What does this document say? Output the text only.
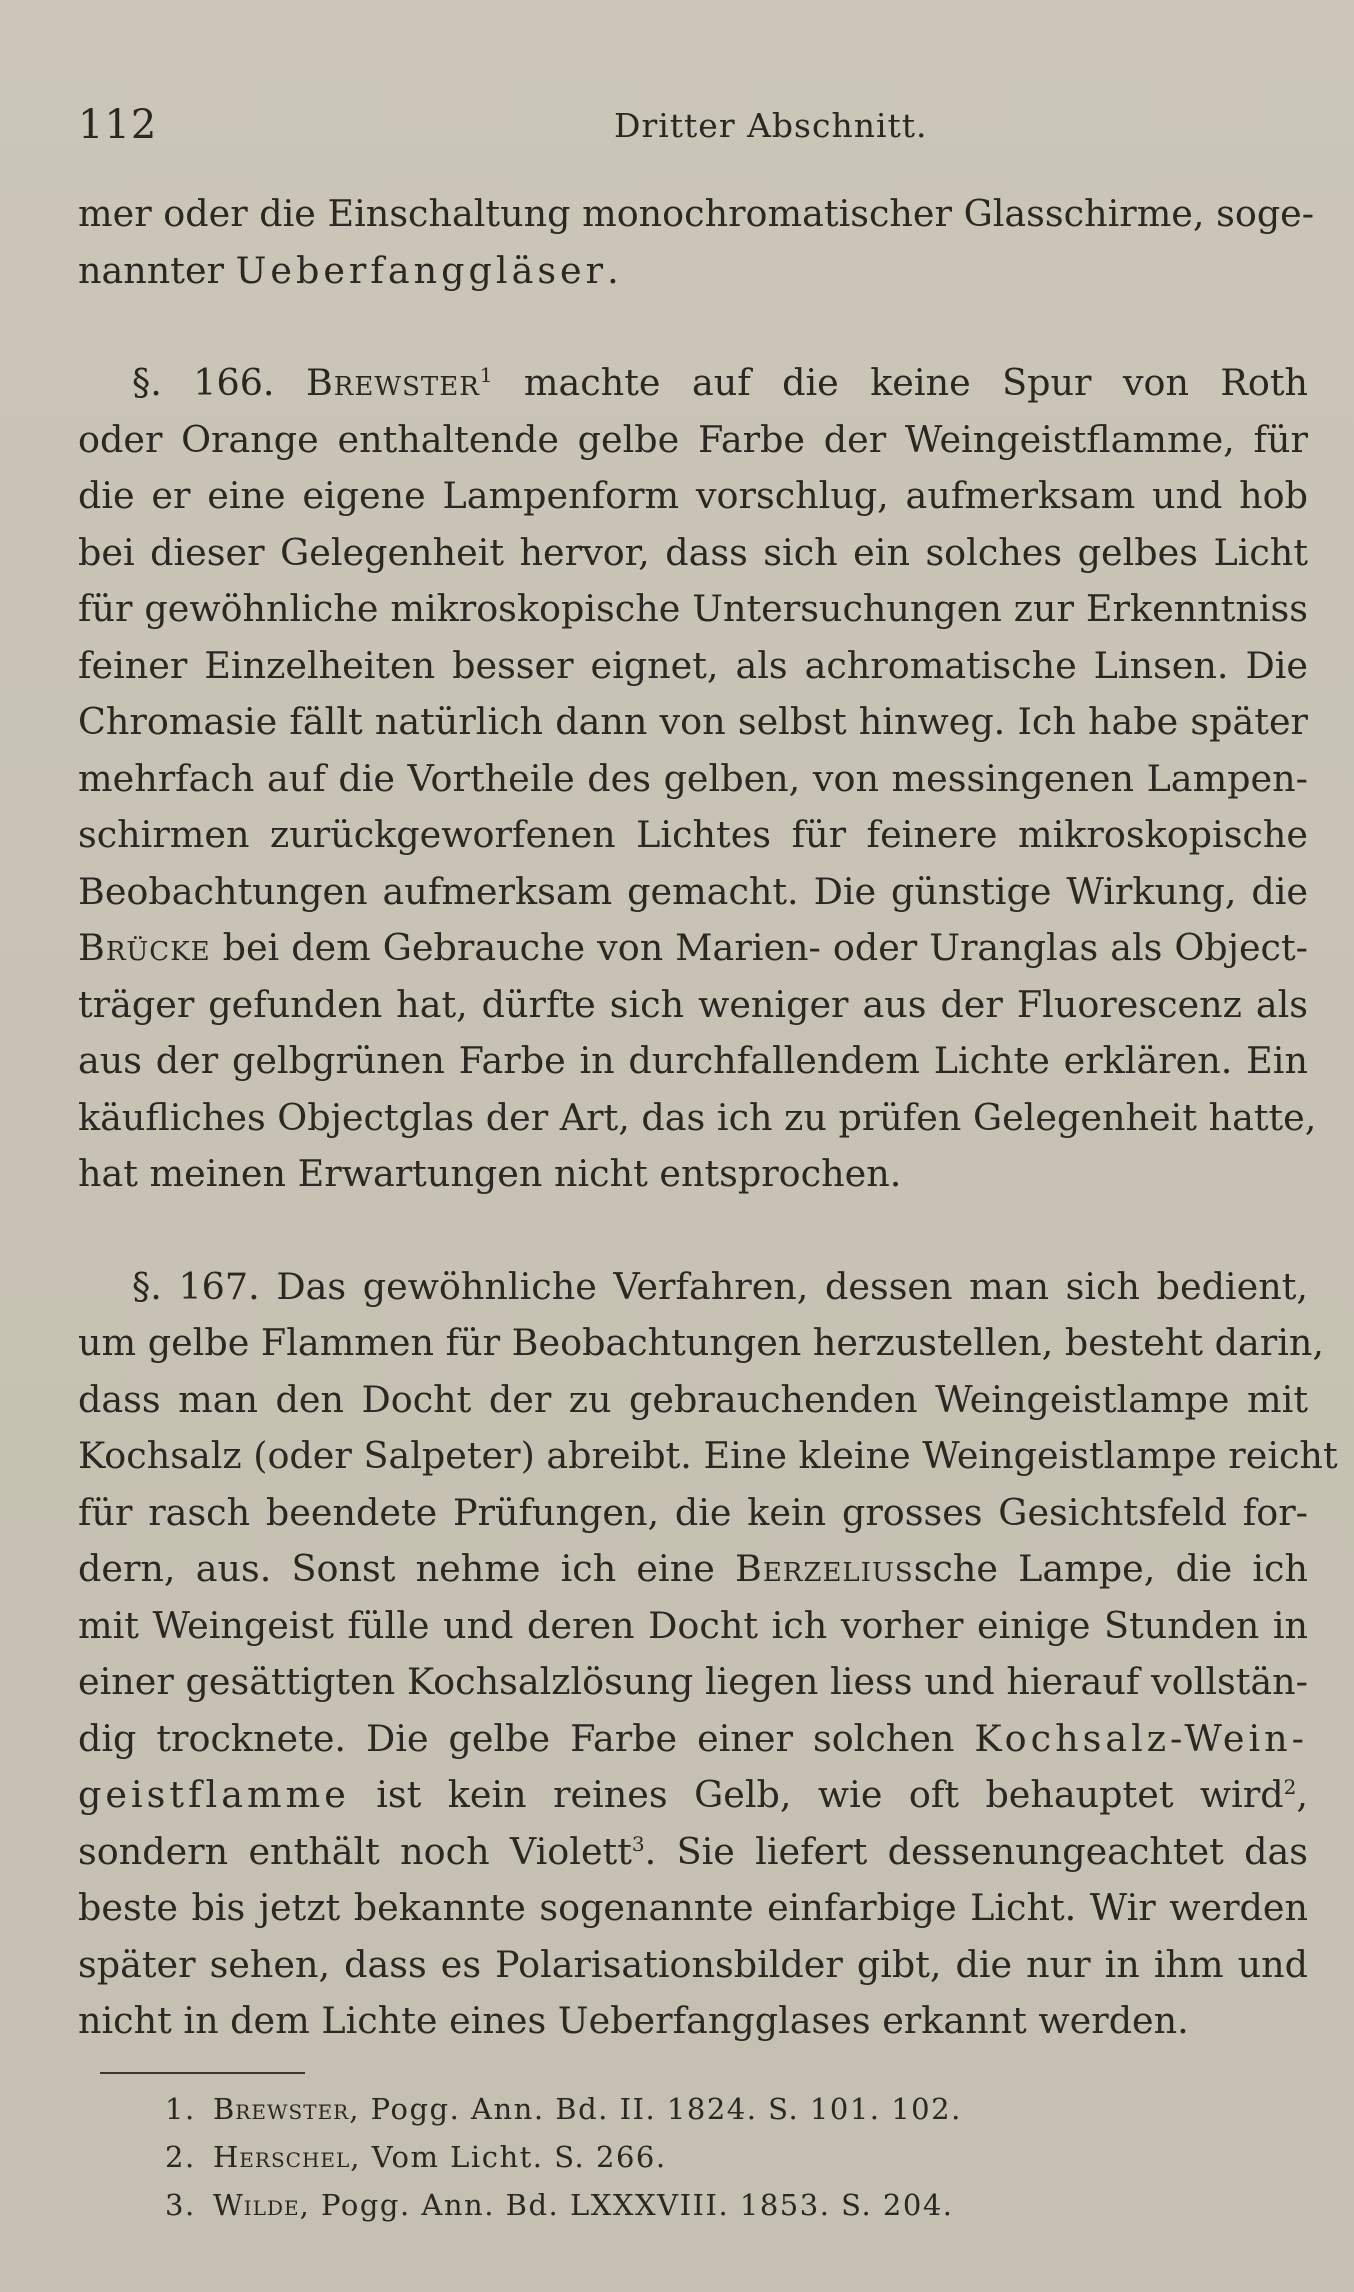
112	Dritter Abschnitt.
mer oder die Einschaltung monochromatischer Glasschirme, soge-
nannter Ueberfanggläser.
§. 166. Brewster$^1$ machte auf die keine Spur von Roth
oder Orange enthaltende gelbe Farbe der Weingeistflamme, für
die er eine eigene Lampenform vorschlug, aufmerksam und hob
bei dieser Gelegenheit hervor, dass sich ein solches gelbes Licht
für gewöhnliche mikroskopische Untersuchungen zur Erkenntniss
feiner Einzelheiten besser eignet, als achromatische Linsen. Die
Chromasie fällt natürlich dann von selbst hinweg. Ich habe später
mehrfach auf die Vortheile des gelben, von messingenen Lampen-
schirmen zurückgeworfenen Lichtes für feinere mikroskopische
Beobachtungen aufmerksam gemacht. Die günstige Wirkung, die
Brücke bei dem Gebrauche von Marien- oder Uranglas als Object-
träger gefunden hat, dürfte sich weniger aus der Fluorescenz als
aus der gelbgrünen Farbe in durchfallendem Lichte erklären. Ein
käufliches Objectglas der Art, das ich zu prüfen Gelegenheit hatte,
hat meinen Erwartungen nicht entsprochen.
§. 167. Das gewöhnliche Verfahren, dessen man sich bedient,
um gelbe Flammen für Beobachtungen herzustellen, besteht darin,
dass man den Docht der zu gebrauchenden Weingeistlampe mit
Kochsalz (oder Salpeter) abreibt. Eine kleine Weingeistlampe reicht
für rasch beendete Prüfungen, die kein grosses Gesichtsfeld for-
dern, aus. Sonst nehme ich eine Berzeliussche Lampe, die ich
mit Weingeist fülle und deren Docht ich vorher einige Stunden in
einer gesättigten Kochsalzlösung liegen liess und hierauf vollstän-
dig trocknete. Die gelbe Farbe einer solchen Kochsalz-Wein-
geistflamme ist kein reines Gelb, wie oft behauptet wird$^2$,
sondern enthält noch Violett$^3$. Sie liefert dessenungeachtet das
beste bis jetzt bekannte sogenannte einfarbige Licht. Wir werden
später sehen, dass es Polarisationsbilder gibt, die nur in ihm und
nicht in dem Lichte eines Ueberfangglases erkannt werden.
1. Brewster, Pogg. Ann. Bd. II. 1824. S. 101. 102.
2. Herschel, Vom Licht. S. 266.
3. Wilde, Pogg. Ann. Bd. LXXXVIII. 1853. S. 204.
